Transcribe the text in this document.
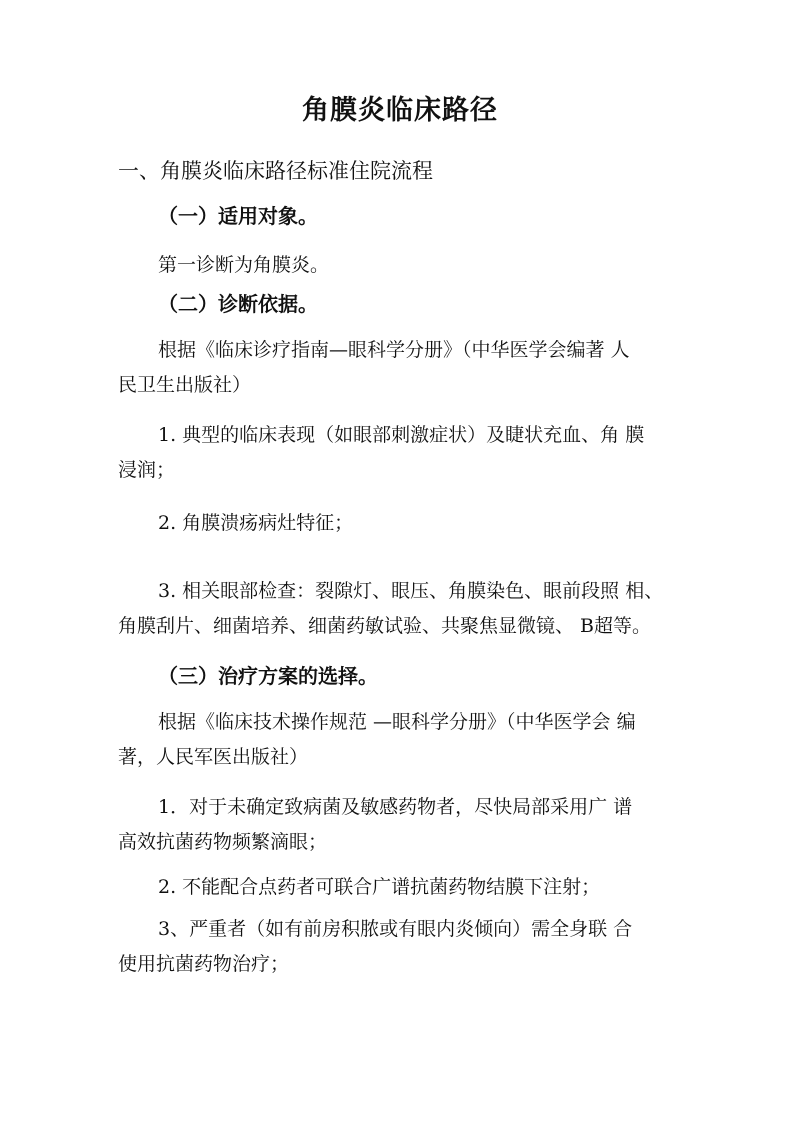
角膜炎临床路径
一、角膜炎临床路径标准住院流程
（一）适用对象。
第一诊断为角膜炎。
（二）诊断依据。
根据《临床诊疗指南—眼科学分册》（中华医学会编著 人
民卫生出版社）
1. 典型的临床表现（如眼部刺激症状）及睫状充血、角 膜
浸润；
2. 角膜溃疡病灶特征；
3. 相关眼部检查：裂隙灯、眼压、角膜染色、眼前段照 相、
角膜刮片、细菌培养、细菌药敏试验、共聚焦显微镜、 B超等。
（三）治疗方案的选择。
根据《临床技术操作规范 —眼科学分册》（中华医学会 编
著，人民军医出版社）
1．对于未确定致病菌及敏感药物者，尽快局部采用广 谱
高效抗菌药物频繁滴眼；
2. 不能配合点药者可联合广谱抗菌药物结膜下注射；
3、严重者（如有前房积脓或有眼内炎倾向）需全身联 合
使用抗菌药物治疗；
